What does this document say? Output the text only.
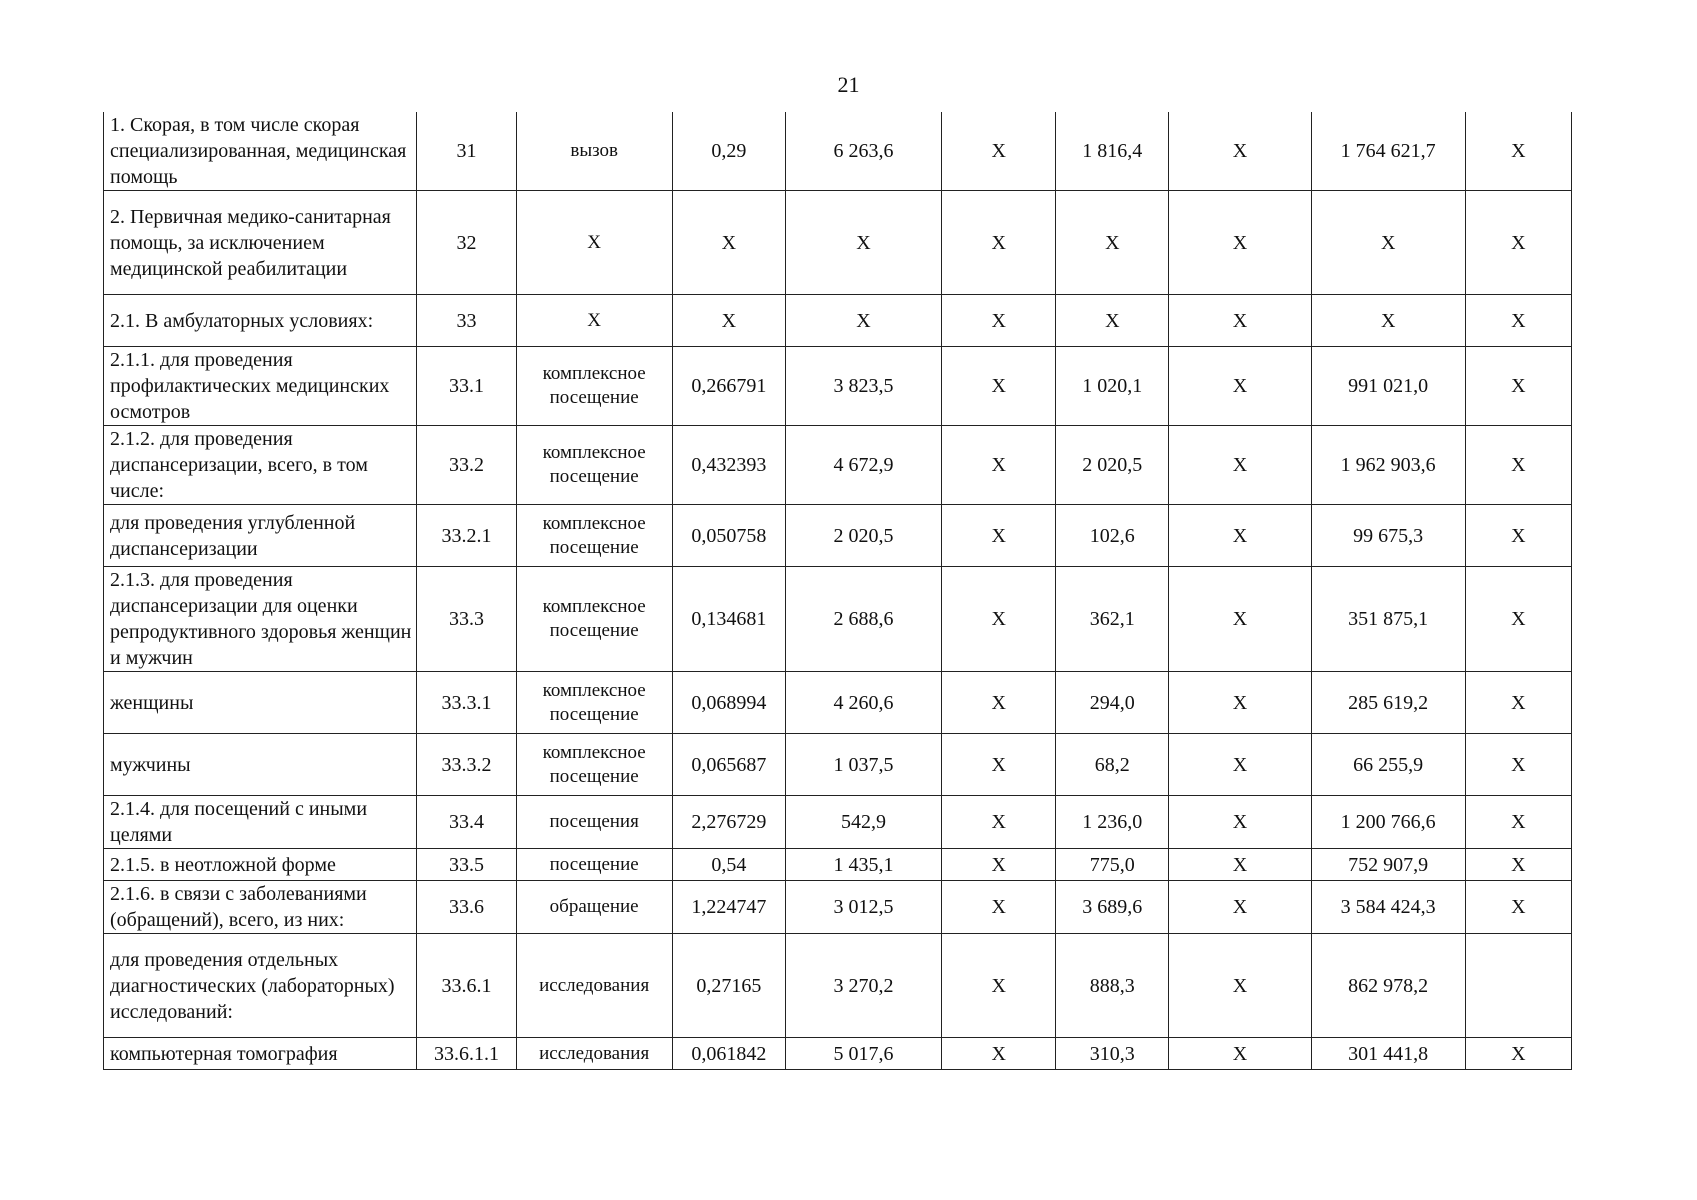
21
1. Скорая, в том числе скорая специализированная, медицинская помощь	31	вызов	0,29	6 263,6	Х	1 816,4	Х	1 764 621,7	Х
2. Первичная медико-санитарная помощь, за исключением медицинской реабилитации	32	Х	Х	Х	Х	Х	Х	Х	Х
2.1. В амбулаторных условиях:	33	Х	Х	Х	Х	Х	Х	Х	Х
2.1.1. для проведения профилактических медицинских осмотров	33.1	комплексное посещение	0,266791	3 823,5	Х	1 020,1	Х	991 021,0	Х
2.1.2. для проведения диспансеризации, всего, в том числе:	33.2	комплексное посещение	0,432393	4 672,9	Х	2 020,5	Х	1 962 903,6	Х
для проведения углубленной диспансеризации	33.2.1	комплексное посещение	0,050758	2 020,5	Х	102,6	Х	99 675,3	Х
2.1.3. для проведения диспансеризации для оценки репродуктивного здоровья женщин и мужчин	33.3	комплексное посещение	0,134681	2 688,6	Х	362,1	Х	351 875,1	Х
женщины	33.3.1	комплексное посещение	0,068994	4 260,6	Х	294,0	Х	285 619,2	Х
мужчины	33.3.2	комплексное посещение	0,065687	1 037,5	Х	68,2	Х	66 255,9	Х
2.1.4. для посещений с иными целями	33.4	посещения	2,276729	542,9	Х	1 236,0	Х	1 200 766,6	Х
2.1.5. в неотложной форме	33.5	посещение	0,54	1 435,1	Х	775,0	Х	752 907,9	Х
2.1.6. в связи с заболеваниями (обращений), всего, из них:	33.6	обращение	1,224747	3 012,5	Х	3 689,6	Х	3 584 424,3	Х
для проведения отдельных диагностических (лабораторных) исследований:	33.6.1	исследования	0,27165	3 270,2	Х	888,3	Х	862 978,2	
компьютерная томография	33.6.1.1	исследования	0,061842	5 017,6	Х	310,3	Х	301 441,8	Х
